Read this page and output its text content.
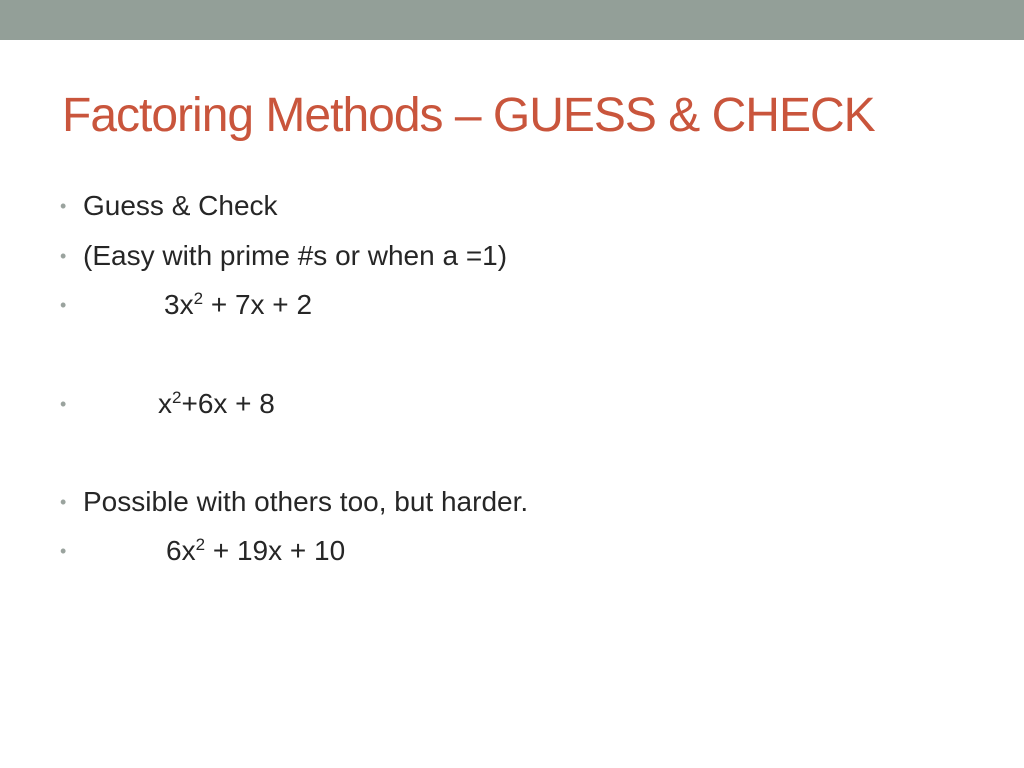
Factoring Methods – GUESS & CHECK
• Guess & Check
• (Easy with prime #s or when a =1)
•	$3x^2 + 7x + 2$
•	$x^2+6x + 8$
• Possible with others too, but harder.
•	$6x^2 + 19x + 10$
